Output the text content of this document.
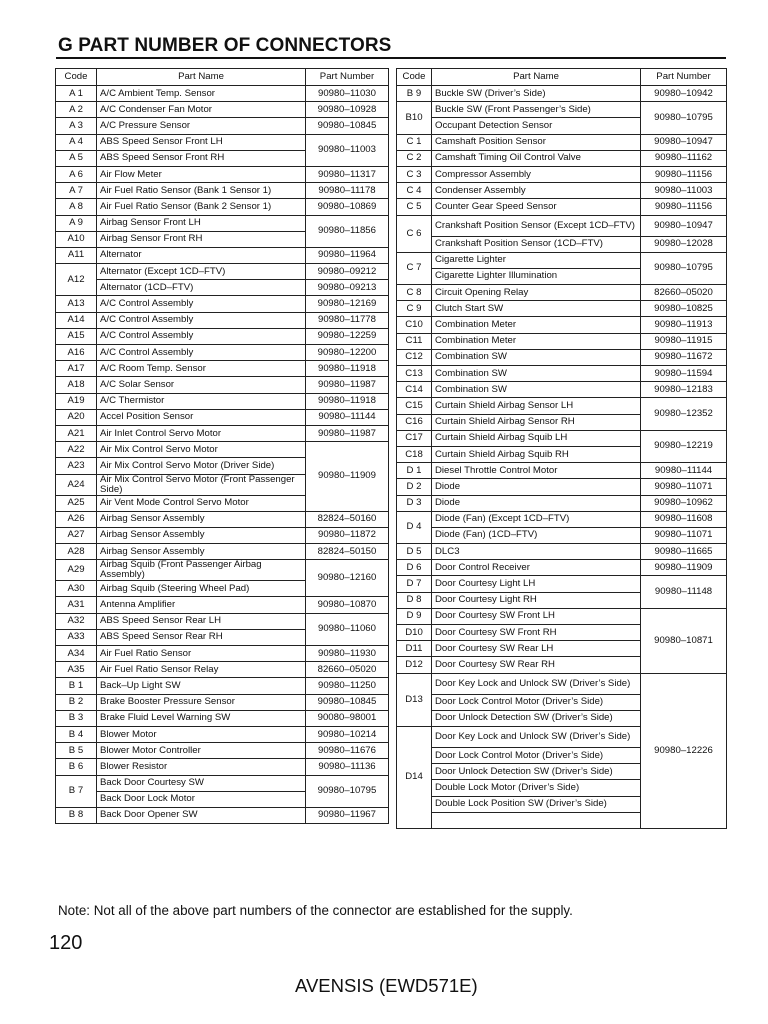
G PART NUMBER OF CONNECTORS
Code	Part Name	Part Number
A 1	A/C Ambient Temp. Sensor	90980–11030
A 2	A/C Condenser Fan Motor	90980–10928
A 3	A/C Pressure Sensor	90980–10845
A 4	ABS Speed Sensor Front LH	90980–11003
A 5	ABS Speed Sensor Front RH	
A 6	Air Flow Meter	90980–11317
A 7	Air Fuel Ratio Sensor (Bank 1 Sensor 1)	90980–11178
A 8	Air Fuel Ratio Sensor (Bank 2 Sensor 1)	90980–10869
A 9	Airbag Sensor Front LH	90980–11856
A10	Airbag Sensor Front RH	
A11	Alternator	90980–11964
A12	Alternator (Except 1CD–FTV)	90980–09212
	Alternator (1CD–FTV)	90980–09213
A13	A/C Control Assembly	90980–12169
A14	A/C Control Assembly	90980–11778
A15	A/C Control Assembly	90980–12259
A16	A/C Control Assembly	90980–12200
A17	A/C Room Temp. Sensor	90980–11918
A18	A/C Solar Sensor	90980–11987
A19	A/C Thermistor	90980–11918
A20	Accel Position Sensor	90980–11144
A21	Air Inlet Control Servo Motor	90980–11987
A22	Air Mix Control Servo Motor	90980–11909
A23	Air Mix Control Servo Motor (Driver Side)	
A24	Air Mix Control Servo Motor (Front Passenger Side)	
A25	Air Vent Mode Control Servo Motor	
A26	Airbag Sensor Assembly	82824–50160
A27	Airbag Sensor Assembly	90980–11872
A28	Airbag Sensor Assembly	82824–50150
A29	Airbag Squib (Front Passenger Airbag Assembly)	90980–12160
A30	Airbag Squib (Steering Wheel Pad)	
A31	Antenna Amplifier	90980–10870
A32	ABS Speed Sensor Rear LH	90980–11060
A33	ABS Speed Sensor Rear RH	
A34	Air Fuel Ratio Sensor	90980–11930
A35	Air Fuel Ratio Sensor Relay	82660–05020
B 1	Back–Up Light SW	90980–11250
B 2	Brake Booster Pressure Sensor	90980–10845
B 3	Brake Fluid Level Warning SW	90080–98001
B 4	Blower Motor	90980–10214
B 5	Blower Motor Controller	90980–11676
B 6	Blower Resistor	90980–11136
B 7	Back Door Courtesy SW	90980–10795
	Back Door Lock Motor	
B 8	Back Door Opener SW	90980–11967
Code	Part Name	Part Number
B 9	Buckle SW (Driver’s Side)	90980–10942
B10	Buckle SW (Front Passenger’s Side)	90980–10795
	Occupant Detection Sensor	
C 1	Camshaft Position Sensor	90980–10947
C 2	Camshaft Timing Oil Control Valve	90980–11162
C 3	Compressor Assembly	90980–11156
C 4	Condenser Assembly	90980–11003
C 5	Counter Gear Speed Sensor	90980–11156
C 6	Crankshaft Position Sensor (Except 1CD–FTV)	90980–10947
	Crankshaft Position Sensor (1CD–FTV)	90980–12028
C 7	Cigarette Lighter	90980–10795
	Cigarette Lighter Illumination	
C 8	Circuit Opening Relay	82660–05020
C 9	Clutch Start SW	90980–10825
C10	Combination Meter	90980–11913
C11	Combination Meter	90980–11915
C12	Combination SW	90980–11672
C13	Combination SW	90980–11594
C14	Combination SW	90980–12183
C15	Curtain Shield Airbag Sensor LH	90980–12352
C16	Curtain Shield Airbag Sensor RH	
C17	Curtain Shield Airbag Squib LH	90980–12219
C18	Curtain Shield Airbag Squib RH	
D 1	Diesel Throttle Control Motor	90980–11144
D 2	Diode	90980–11071
D 3	Diode	90980–10962
D 4	Diode (Fan) (Except 1CD–FTV)	90980–11608
	Diode (Fan) (1CD–FTV)	90980–11071
D 5	DLC3	90980–11665
D 6	Door Control Receiver	90980–11909
D 7	Door Courtesy Light LH	90980–11148
D 8	Door Courtesy Light RH	
D 9	Door Courtesy SW Front LH	90980–10871
D10	Door Courtesy SW Front RH	
D11	Door Courtesy SW Rear LH	
D12	Door Courtesy SW Rear RH	
D13	Door Key Lock and Unlock SW (Driver’s Side)	90980–12226
	Door Lock Control Motor (Driver’s Side)	
	Door Unlock Detection SW (Driver’s Side)	
D14	Door Key Lock and Unlock SW (Driver’s Side)	
	Door Lock Control Motor (Driver’s Side)	
	Door Unlock Detection SW (Driver’s Side)	
	Double Lock Motor (Driver’s Side)	
	Double Lock Position SW (Driver’s Side)	

Note: Not all of the above part numbers of the connector are established for the supply.
120
AVENSIS (EWD571E)
